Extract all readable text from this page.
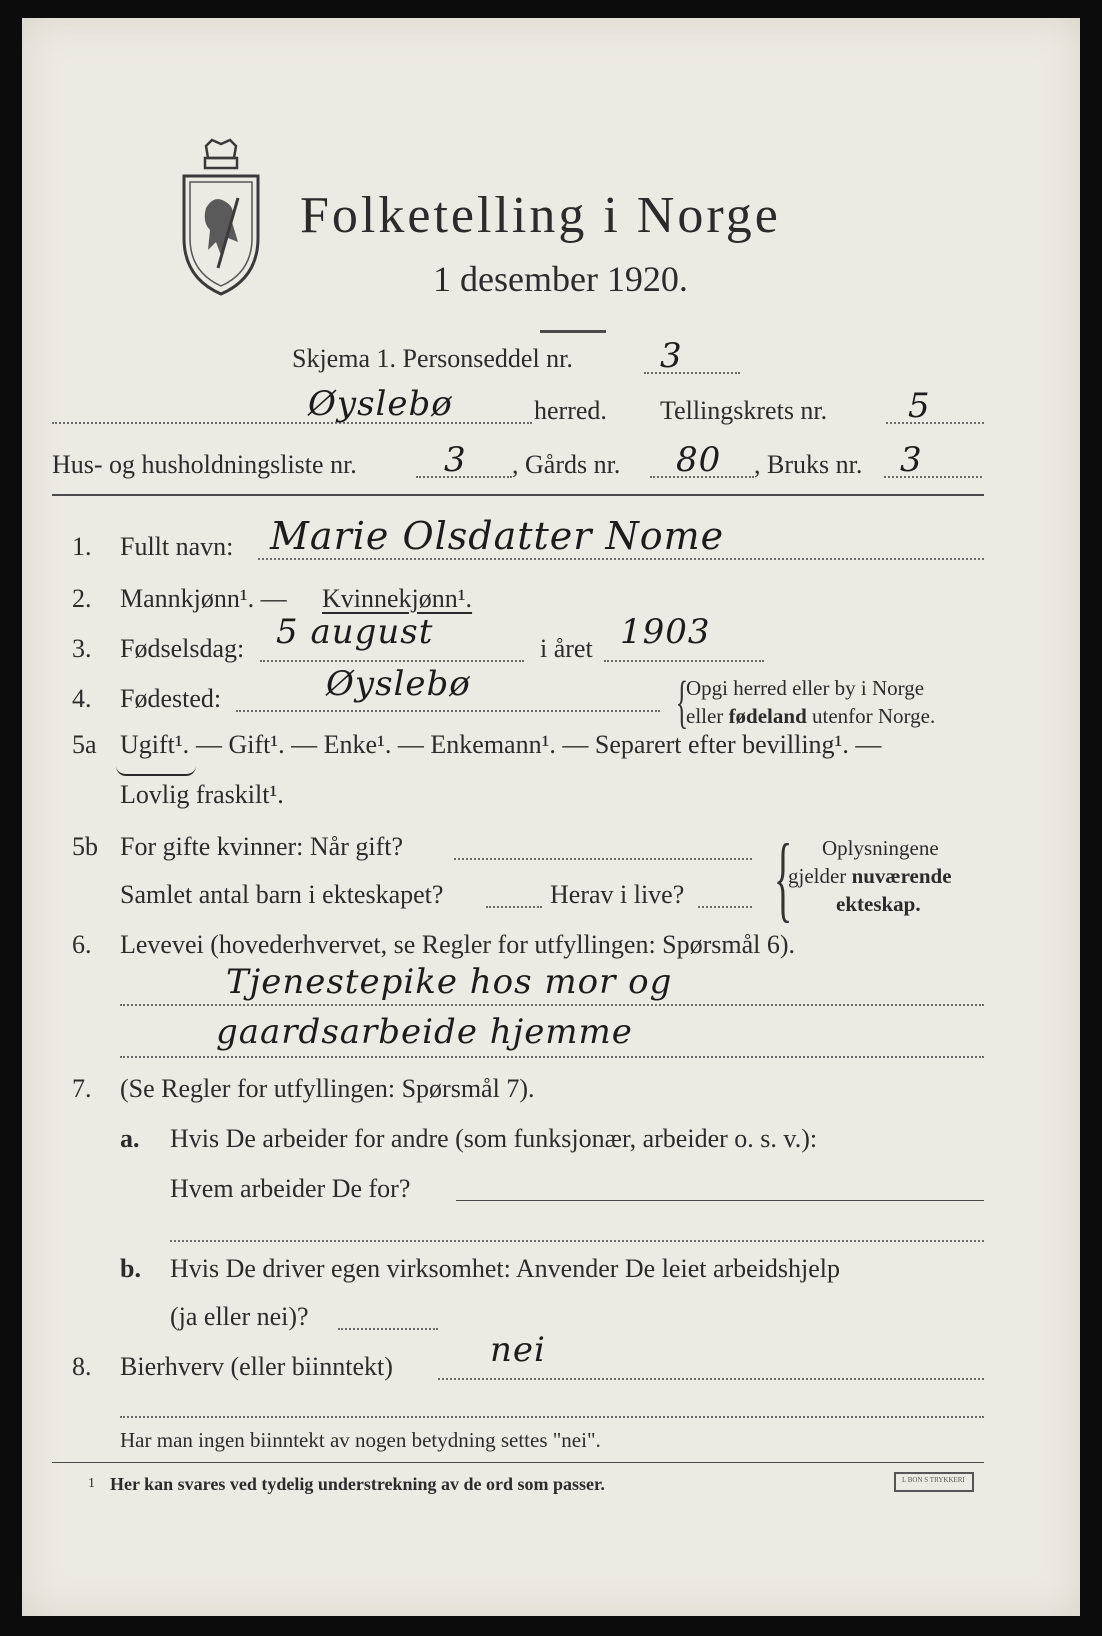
Folketelling i Norge
1 desember 1920.
Skjema 1. Personseddel nr.	3
Øyslebø	herred. Tellingskrets nr. 5
Hus- og husholdningsliste nr.	3 , Gårds nr. 80 , Bruks nr. 3
1. Fullt navn: Marie Olsdatter Nome
2. Mannkjønn¹. — Kvinnekjønn¹.
3. Fødselsdag: 5 august	i året 1903
4. Fødested:	Øyslebø	{
Opgi herred eller by i Norge
eller fødeland utenfor Norge.
5a Ugift¹. — Gift¹. — Enke¹. — Enkemann¹. — Separert efter bevilling¹. —
Lovlig fraskilt¹.
5b For gifte kvinner: Når gift?
Samlet antal barn i ekteskapet?	Herav i live? { Oplysningene
gjelder nuværende
ekteskap.
6. Levevei (hovederhvervet, se Regler for utfyllingen: Spørsmål 6).
Tjenestepike hos mor og
gaardsarbeide hjemme
7. (Se Regler for utfyllingen: Spørsmål 7).
a. Hvis De arbeider for andre (som funksjonær, arbeider o. s. v.):
Hvem arbeider De for?
b. Hvis De driver egen virksomhet: Anvender De leiet arbeidshjelp
(ja eller nei)?
8. Bierhverv (eller biinntekt)	nei
Har man ingen biinntekt av nogen betydning settes "nei".
1 Her kan svares ved tydelig understrekning av de ord som passer.	L BON S TRYKKERI
